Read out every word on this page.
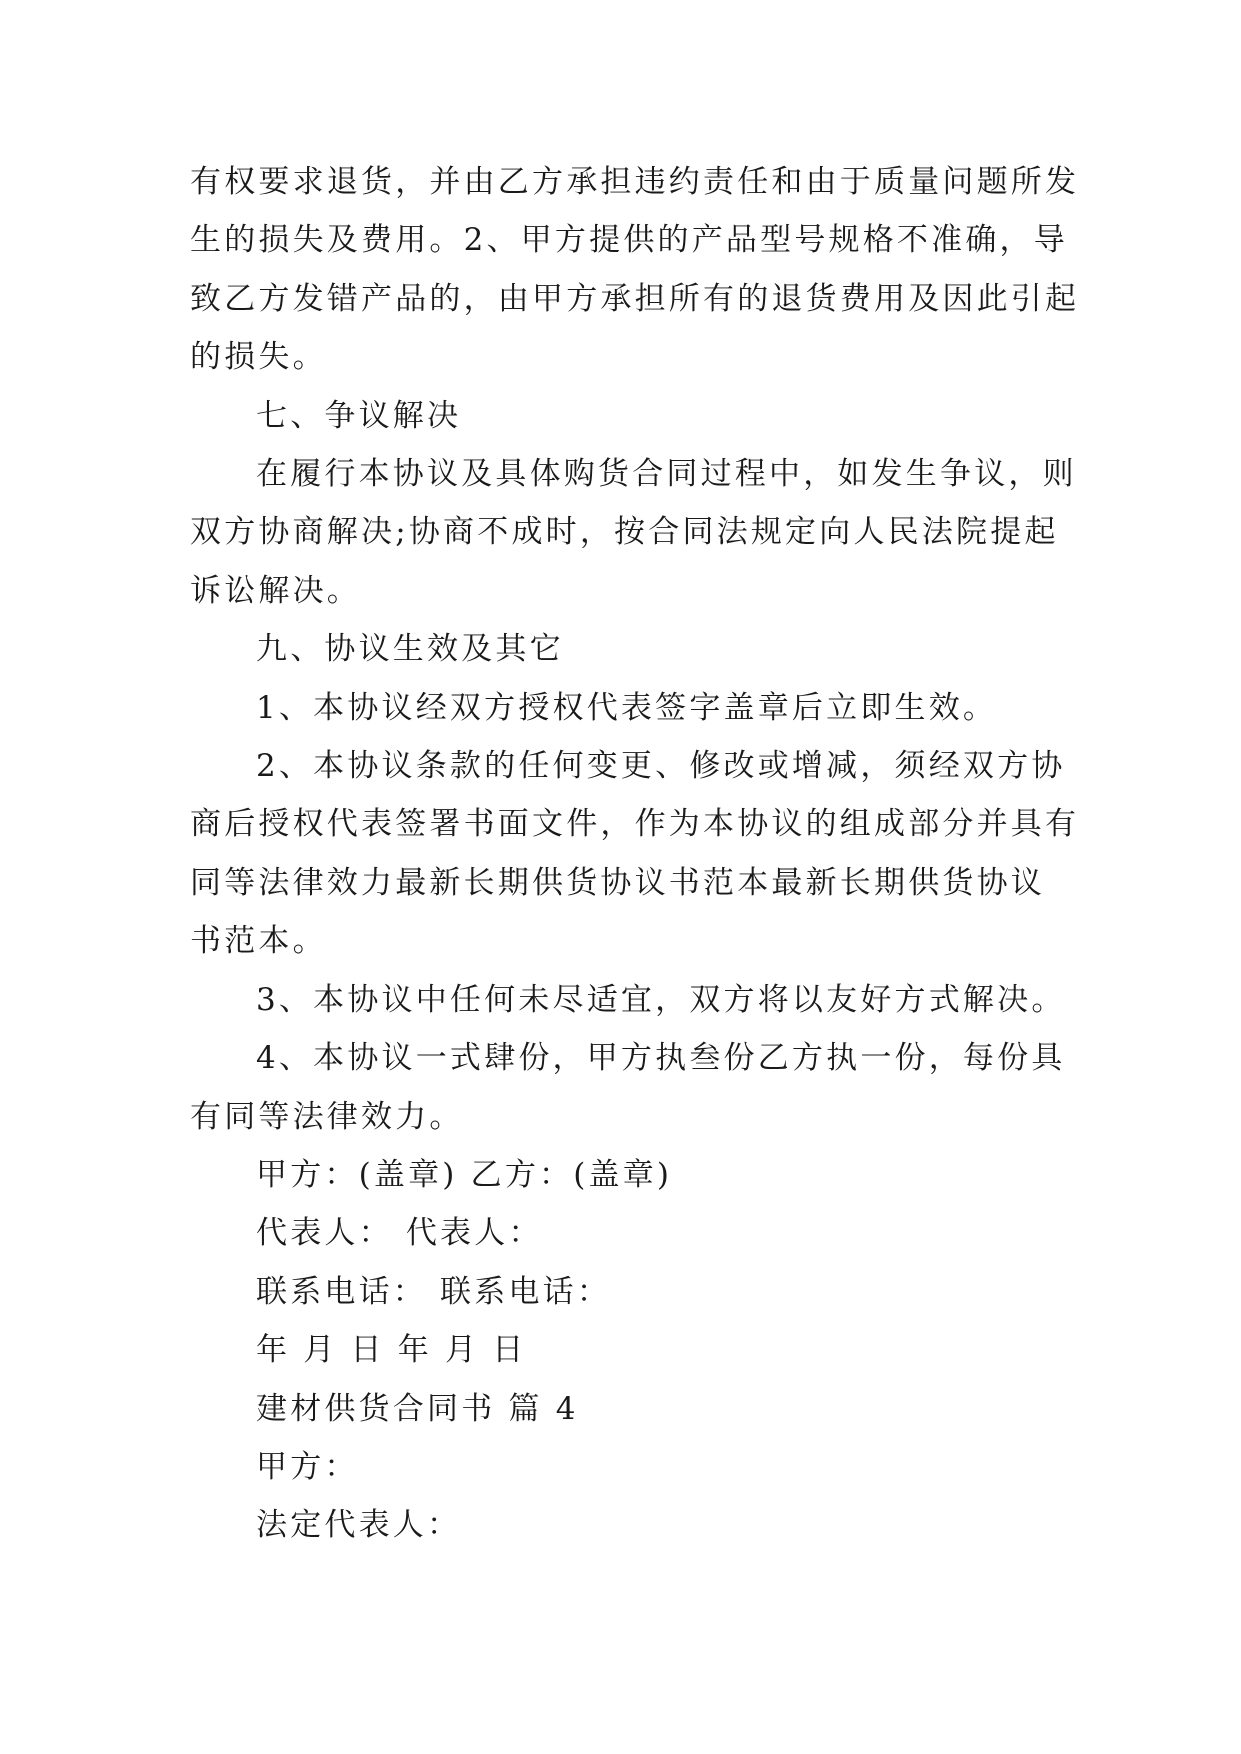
有权要求退货，并由乙方承担违约责任和由于质量问题所发

生的损失及费用。2、甲方提供的产品型号规格不准确，导

致乙方发错产品的，由甲方承担所有的退货费用及因此引起

的损失。

七、争议解决

在履行本协议及具体购货合同过程中，如发生争议，则

双方协商解决;协商不成时，按合同法规定向人民法院提起

诉讼解决。

九、协议生效及其它

1、本协议经双方授权代表签字盖章后立即生效。

2、本协议条款的任何变更、修改或增减，须经双方协

商后授权代表签署书面文件，作为本协议的组成部分并具有

同等法律效力最新长期供货协议书范本最新长期供货协议

书范本。

3、本协议中任何未尽适宜，双方将以友好方式解决。

4、本协议一式肆份，甲方执叁份乙方执一份，每份具

有同等法律效力。

甲方：(盖章) 乙方：(盖章)

代表人： 代表人：

联系电话： 联系电话：

年 月 日 年 月 日

建材供货合同书 篇 4

甲方：

法定代表人：
